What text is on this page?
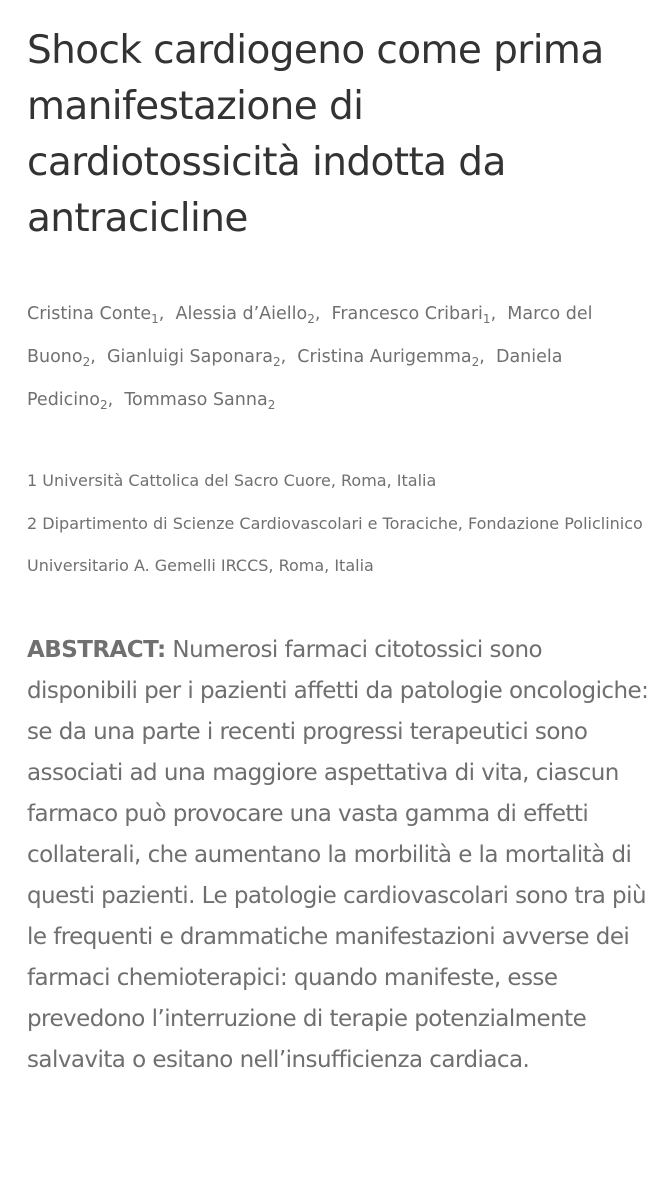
Shock cardiogeno come prima manifestazione di cardiotossicità indotta da antracicline

Cristina Conte$_1$,  Alessia d’Aiello$_2$,  Francesco Cribari$_1$,  Marco del Buono$_2$,  Gianluigi Saponara$_2$,  Cristina Aurigemma$_2$,  Daniela Pedicino$_2$,  Tommaso Sanna$_2$

1 Università Cattolica del Sacro Cuore, Roma, Italia

2 Dipartimento di Scienze Cardiovascolari e Toraciche, Fondazione Policlinico Universitario A. Gemelli IRCCS, Roma, Italia

ABSTRACT: Numerosi farmaci citotossici sono disponibili per i pazienti affetti da patologie oncologiche: se da una parte i recenti progressi terapeutici sono associati ad una maggiore aspettativa di vita, ciascun farmaco può provocare una vasta gamma di effetti collaterali, che aumentano la morbilità e la mortalità di questi pazienti. Le patologie cardiovascolari sono tra più le frequenti e drammatiche manifestazioni avverse dei farmaci chemioterapici: quando manifeste, esse prevedono l’interruzione di terapie potenzialmente salvavita o esitano nell’insufficienza cardiaca.
